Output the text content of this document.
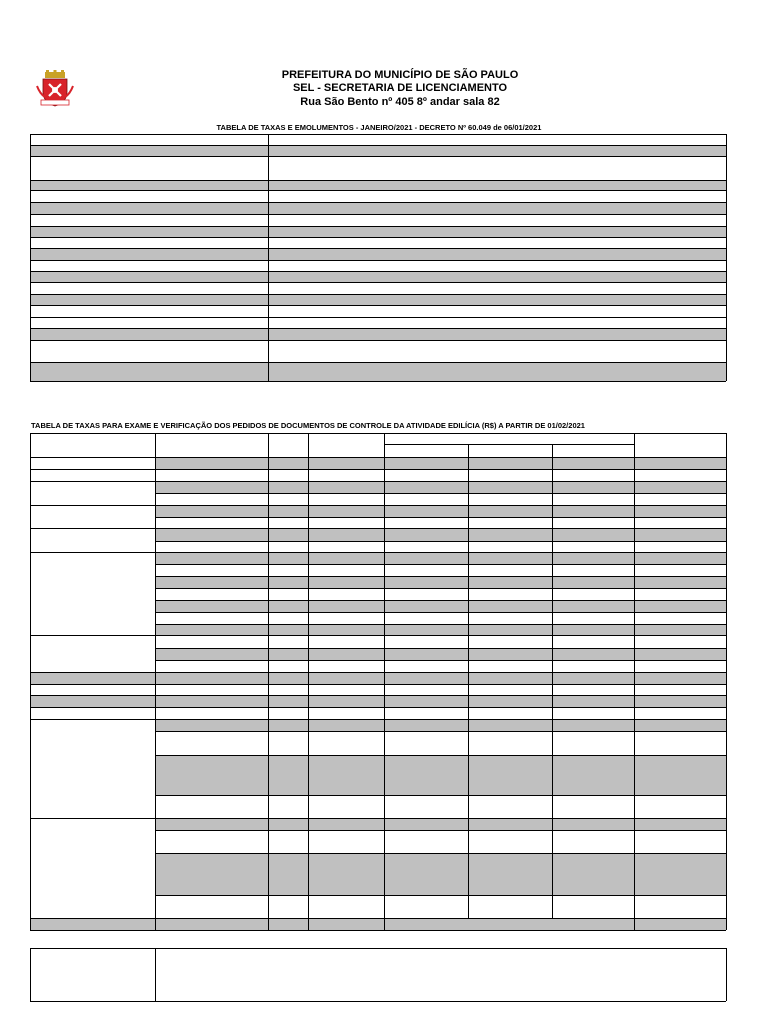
PREFEITURA DO MUNICÍPIO DE SÃO PAULO
SEL - SECRETARIA DE LICENCIAMENTO
Rua São Bento nº 405 8º andar sala 82
TABELA DE TAXAS E EMOLUMENTOS - JANEIRO/2021 - DECRETO Nº 60.049 de 06/01/2021
TABELA DE TAXAS PARA EXAME E VERIFICAÇÃO DOS PEDIDOS DE DOCUMENTOS DE CONTROLE DA ATIVIDADE EDILÍCIA (R$) A PARTIR DE 01/02/2021
